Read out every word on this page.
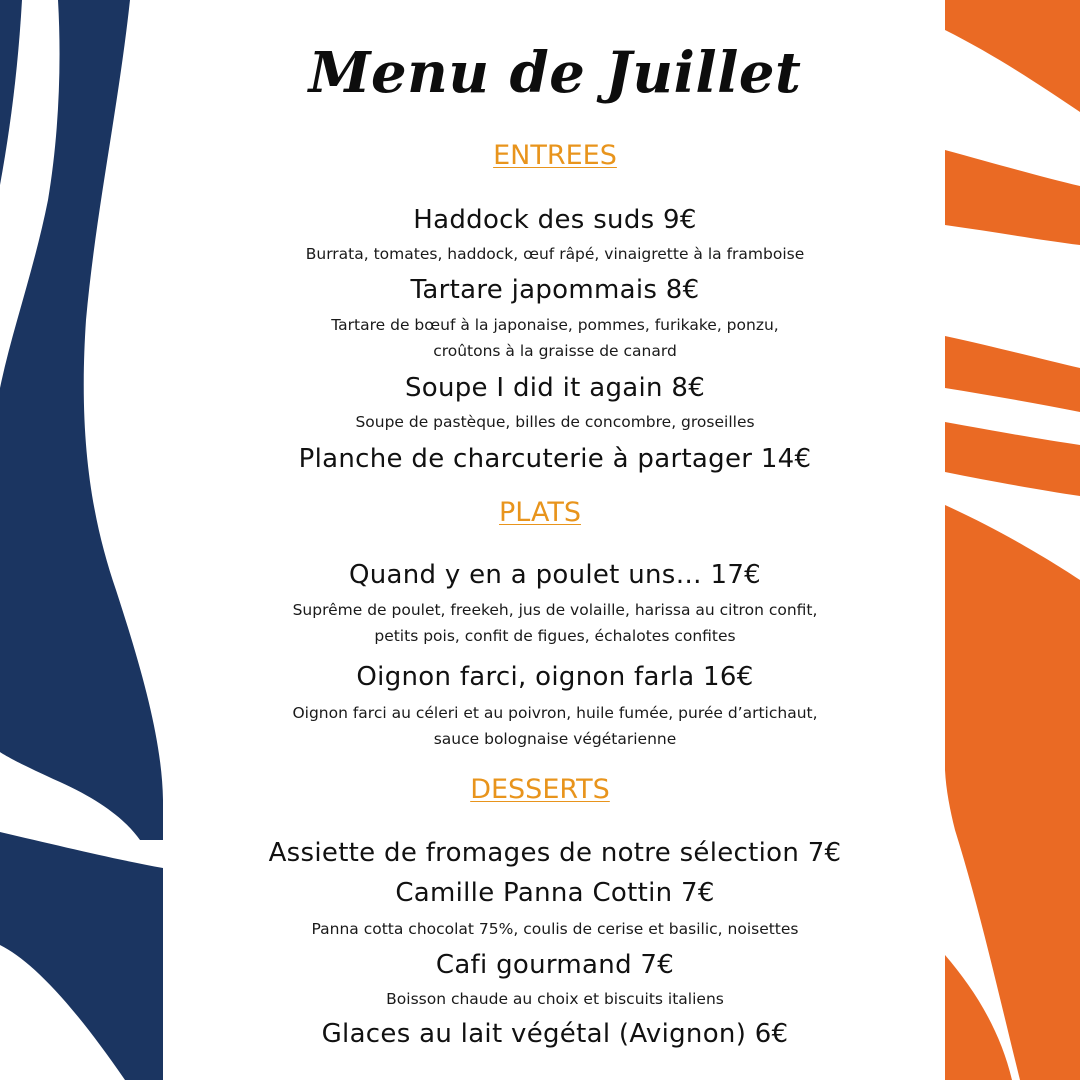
Menu de Juillet
ENTREES

Haddock des suds 9€

Burrata, tomates, haddock, œuf râpé, vinaigrette à la framboise

Tartare japommais 8€

Tartare de bœuf à la japonaise, pommes, furikake, ponzu,
croûtons à la graisse de canard

Soupe I did it again 8€

Soupe de pastèque, billes de concombre, groseilles

Planche de charcuterie à partager 14€

PLATS

Quand y en a poulet uns… 17€

Suprême de poulet, freekeh, jus de volaille, harissa au citron confit,
petits pois, confit de figues, échalotes confites

Oignon farci, oignon farla 16€

Oignon farci au céleri et au poivron, huile fumée, purée d’artichaut,
sauce bolognaise végétarienne
DESSERTS

Assiette de fromages de notre sélection 7€

Camille Panna Cottin 7€

Panna cotta chocolat 75%, coulis de cerise et basilic, noisettes

Cafi gourmand 7€

Boisson chaude au choix et biscuits italiens

Glaces au lait végétal (Avignon) 6€
